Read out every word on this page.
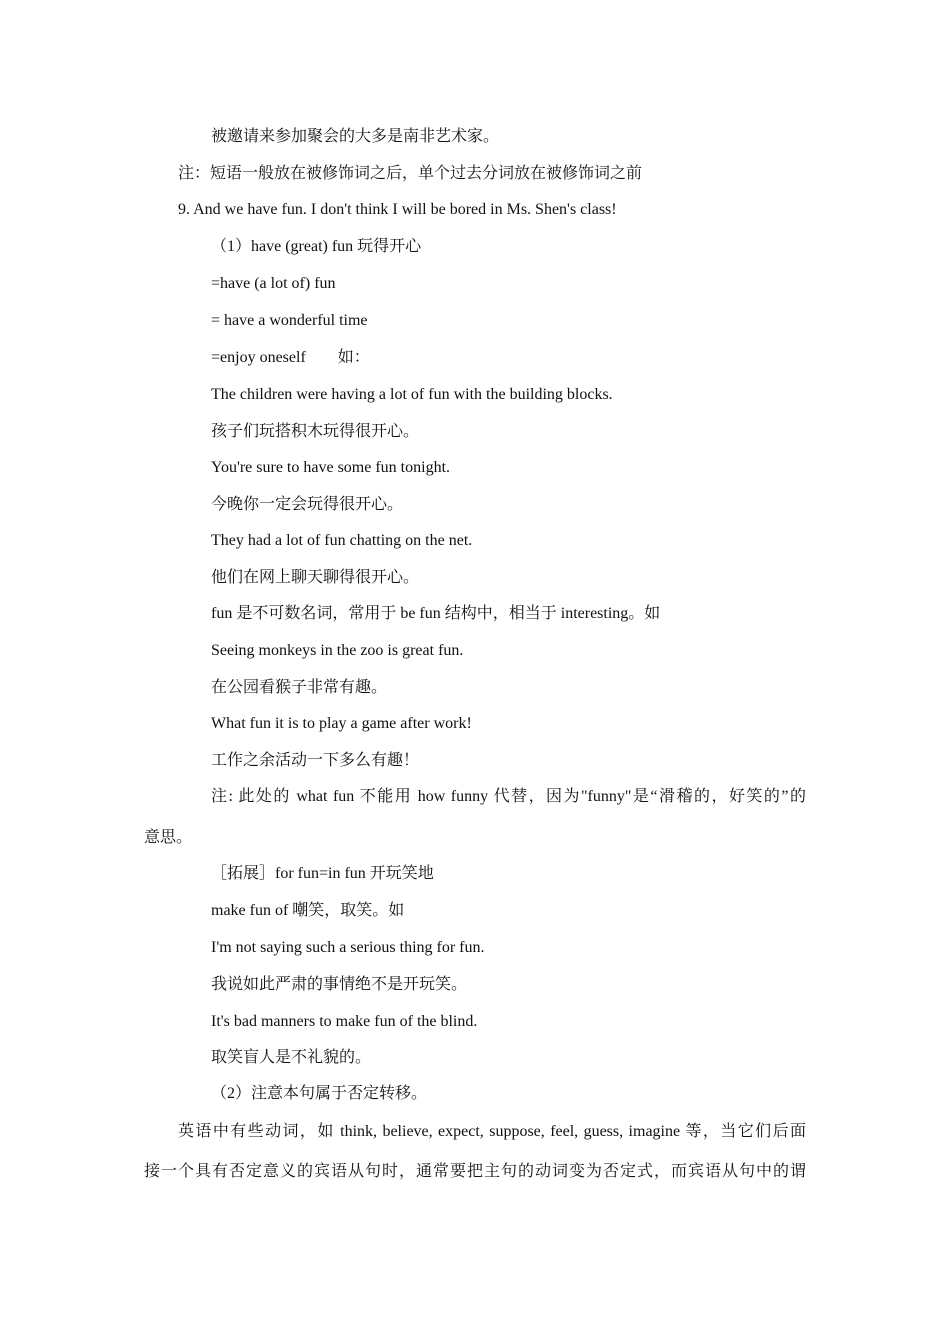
被邀请来参加聚会的大多是南非艺术家。
注：短语一般放在被修饰词之后，单个过去分词放在被修饰词之前
9. And we have fun. I don't think I will be bored in Ms. Shen's class!
（1）have (great) fun 玩得开心
=have (a lot of) fun
= have a wonderful time
=enjoy oneself　　如：
The children were having a lot of fun with the building blocks.
孩子们玩搭积木玩得很开心。
You're sure to have some fun tonight.
今晚你一定会玩得很开心。
They had a lot of fun chatting on the net.
他们在网上聊天聊得很开心。
fun 是不可数名词，常用于 be fun 结构中，相当于 interesting。如
Seeing monkeys in the zoo is great fun.
在公园看猴子非常有趣。
What fun it is to play a game after work!
工作之余活动一下多么有趣！
注: 此处的 what fun 不能用 how funny 代替，因为"funny"是“滑稽的，好笑的”的
意思。
［拓展］for fun=in fun 开玩笑地
make fun of 嘲笑，取笑。如
I'm not saying such a serious thing for fun.
我说如此严肃的事情绝不是开玩笑。
It's bad manners to make fun of the blind.
取笑盲人是不礼貌的。
（2）注意本句属于否定转移。
英语中有些动词，如 think, believe, expect, suppose, feel, guess, imagine 等，当它们后面
接一个具有否定意义的宾语从句时，通常要把主句的动词变为否定式，而宾语从句中的谓
